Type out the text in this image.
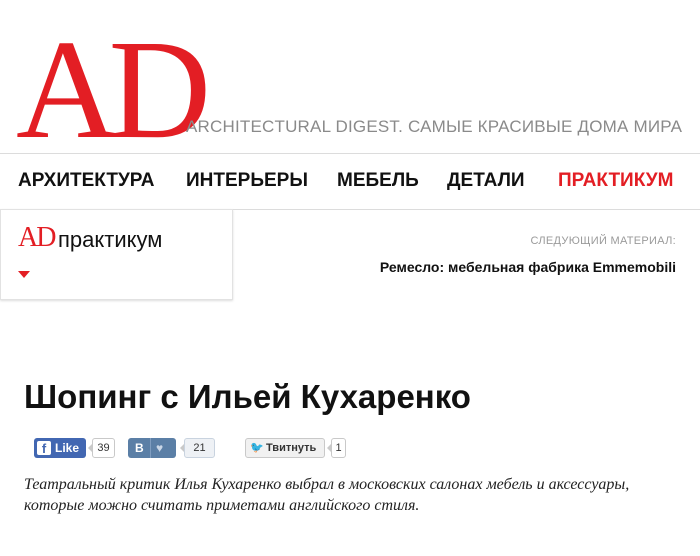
AD
ARCHITECTURAL DIGEST. САМЫЕ КРАСИВЫЕ ДОМА МИРА
АРХИТЕКТУРА ИНТЕРЬЕРЫ МЕБЕЛЬ ДЕТАЛИ ПРАКТИКУМ
AD практикум	СЛЕДУЮЩИЙ МАТЕРИАЛ:
Ремесло: мебельная фабрика Emmemobili
Шопинг с Ильей Кухаренко
f Like	39	B ♥	21	🐦 Твитнуть	1

Театральный критик Илья Кухаренко выбрал в московских салонах мебель и аксессуары, которые можно считать приметами английского стиля.
